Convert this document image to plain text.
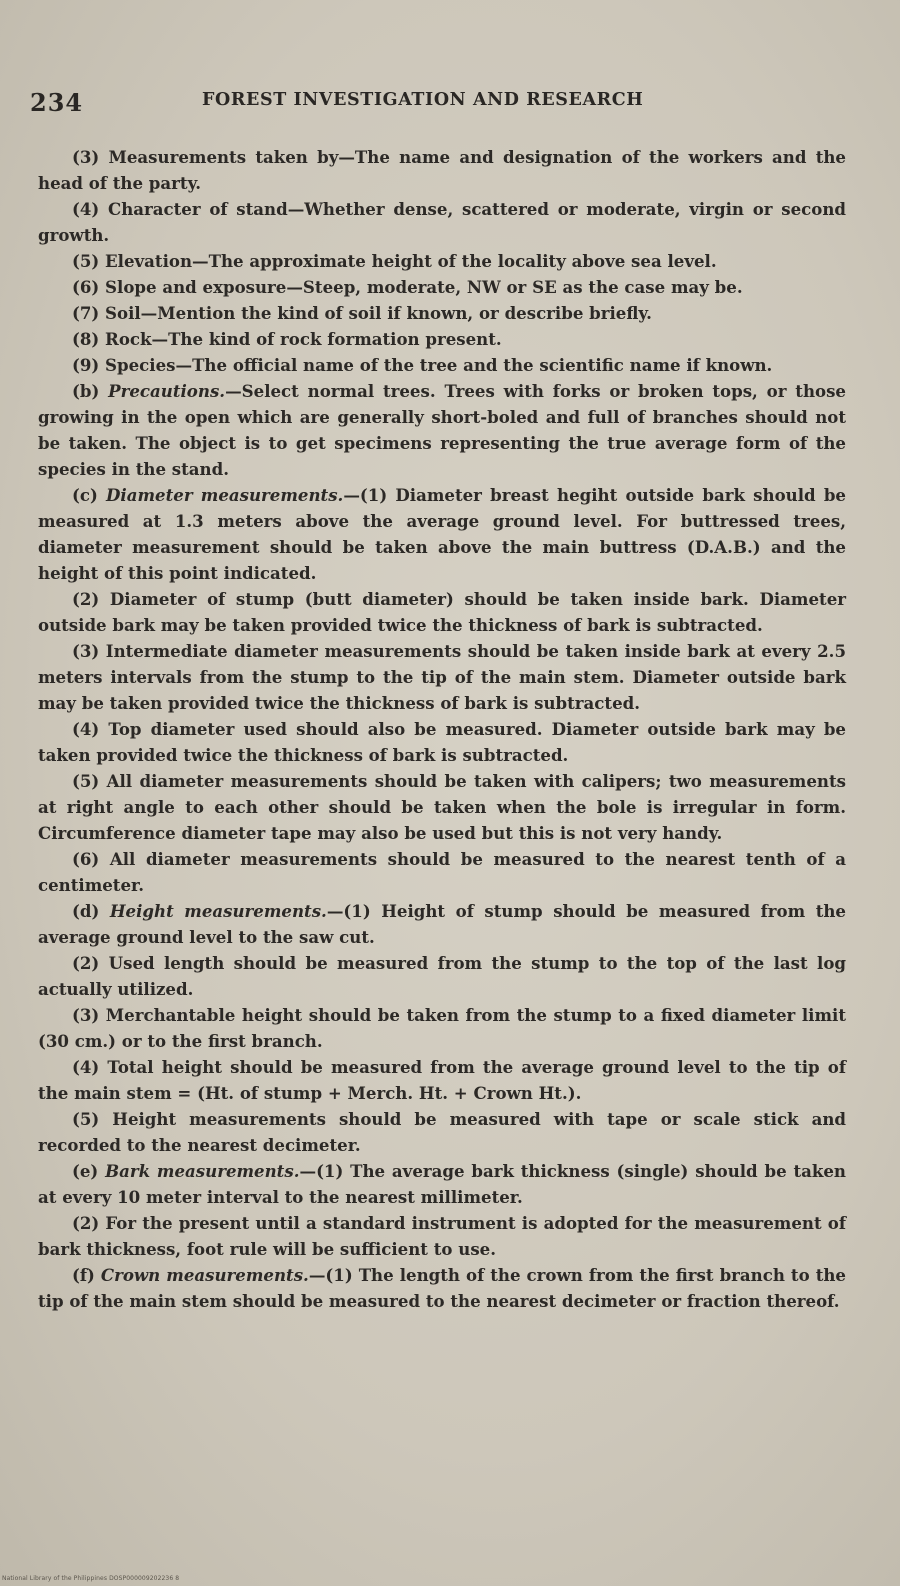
234	FOREST INVESTIGATION AND RESEARCH

(3) Measurements taken by—The name and designation of the workers and the head of the party.

(4) Character of stand—Whether dense, scattered or moderate, virgin or second growth.

(5) Elevation—The approximate height of the locality above sea level.

(6) Slope and exposure—Steep, moderate, NW or SE as the case may be.

(7) Soil—Mention the kind of soil if known, or describe briefly.

(8) Rock—The kind of rock formation present.

(9) Species—The official name of the tree and the scientific name if known.

(b) Precautions.—Select normal trees. Trees with forks or broken tops, or those growing in the open which are generally short-boled and full of branches should not be taken. The object is to get specimens representing the true average form of the species in the stand.

(c) Diameter measurements.—(1) Diameter breast hegiht outside bark should be measured at 1.3 meters above the average ground level. For buttressed trees, diameter measurement should be taken above the main buttress (D.A.B.) and the height of this point indicated.

(2) Diameter of stump (butt diameter) should be taken inside bark. Diameter outside bark may be taken provided twice the thickness of bark is subtracted.

(3) Intermediate diameter measurements should be taken inside bark at every 2.5 meters intervals from the stump to the tip of the main stem. Diameter outside bark may be taken provided twice the thickness of bark is subtracted.

(4) Top diameter used should also be measured. Diameter outside bark may be taken provided twice the thickness of bark is subtracted.

(5) All diameter measurements should be taken with calipers; two measurements at right angle to each other should be taken when the bole is irregular in form. Circumference diameter tape may also be used but this is not very handy.

(6) All diameter measurements should be measured to the nearest tenth of a centimeter.

(d) Height measurements.—(1) Height of stump should be measured from the average ground level to the saw cut.

(2) Used length should be measured from the stump to the top of the last log actually utilized.

(3) Merchantable height should be taken from the stump to a fixed diameter limit (30 cm.) or to the first branch.

(4) Total height should be measured from the average ground level to the tip of the main stem = (Ht. of stump + Merch. Ht. + Crown Ht.).

(5) Height measurements should be measured with tape or scale stick and recorded to the nearest decimeter.

(e) Bark measurements.—(1) The average bark thickness (single) should be taken at every 10 meter interval to the nearest millimeter.

(2) For the present until a standard instrument is adopted for the measurement of bark thickness, foot rule will be sufficient to use.

(f) Crown measurements.—(1) The length of the crown from the first branch to the tip of the main stem should be measured to the nearest decimeter or fraction thereof.

National Library of the Philippines DOSP000009202236 8
